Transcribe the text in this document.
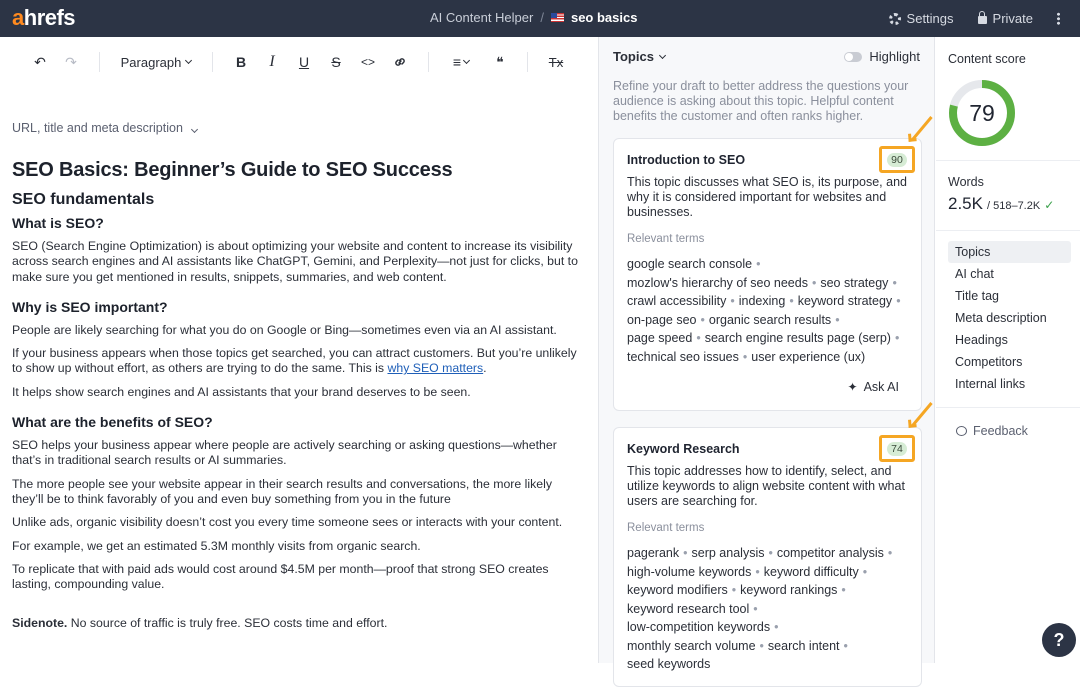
ahrefs	AI Content Helper / seo basics	Settings	Private
↶ ↷	Paragraph	B	I	U	S	<>	≡	❝	Tx
URL, title and meta description
SEO Basics: Beginner’s Guide to SEO Success
SEO fundamentals
What is SEO?
SEO (Search Engine Optimization) is about optimizing your website and content to increase its visibility across search engines and AI assistants like ChatGPT, Gemini, and Perplexity—not just for clicks, but to make sure you get mentioned in results, snippets, summaries, and web content.
Why is SEO important?
People are likely searching for what you do on Google or Bing—sometimes even via an AI assistant.
If your business appears when those topics get searched, you can attract customers. But you’re unlikely to show up without effort, as others are trying to do the same. This is why SEO matters.
It helps show search engines and AI assistants that your brand deserves to be seen.
What are the benefits of SEO?
SEO helps your business appear where people are actively searching or asking questions—whether that’s in traditional search results or AI summaries.
The more people see your website appear in their search results and conversations, the more likely they’ll be to think favorably of you and even buy something from you in the future
Unlike ads, organic visibility doesn’t cost you every time someone sees or interacts with your content.
For example, we get an estimated 5.3M monthly visits from organic search.
To replicate that with paid ads would cost around $4.5M per month—proof that strong SEO creates lasting, compounding value.
Sidenote. No source of traffic is truly free. SEO costs time and effort.
Topics	Highlight
Refine your draft to better address the questions your audience is asking about this topic. Helpful content benefits the customer and often ranks higher.
Introduction to SEO	90
This topic discusses what SEO is, its purpose, and why it is considered important for websites and businesses.
Relevant terms
google search console •
mozlow's hierarchy of seo needs • seo strategy •
crawl accessibility • indexing • keyword strategy •
on-page seo • organic search results •
page speed • search engine results page (serp) •
technical seo issues • user experience (ux)
✦ Ask AI
Keyword Research	74
This topic addresses how to identify, select, and utilize keywords to align website content with what users are searching for.
Relevant terms
pagerank • serp analysis • competitor analysis •
high-volume keywords • keyword difficulty •
keyword modifiers • keyword rankings •
keyword research tool •
low-competition keywords •
monthly search volume • search intent •
seed keywords
Content score
79
Words
2.5K / 518–7.2K ✓
Topics
AI chat
Title tag
Meta description
Headings
Competitors
Internal links
Feedback
?
